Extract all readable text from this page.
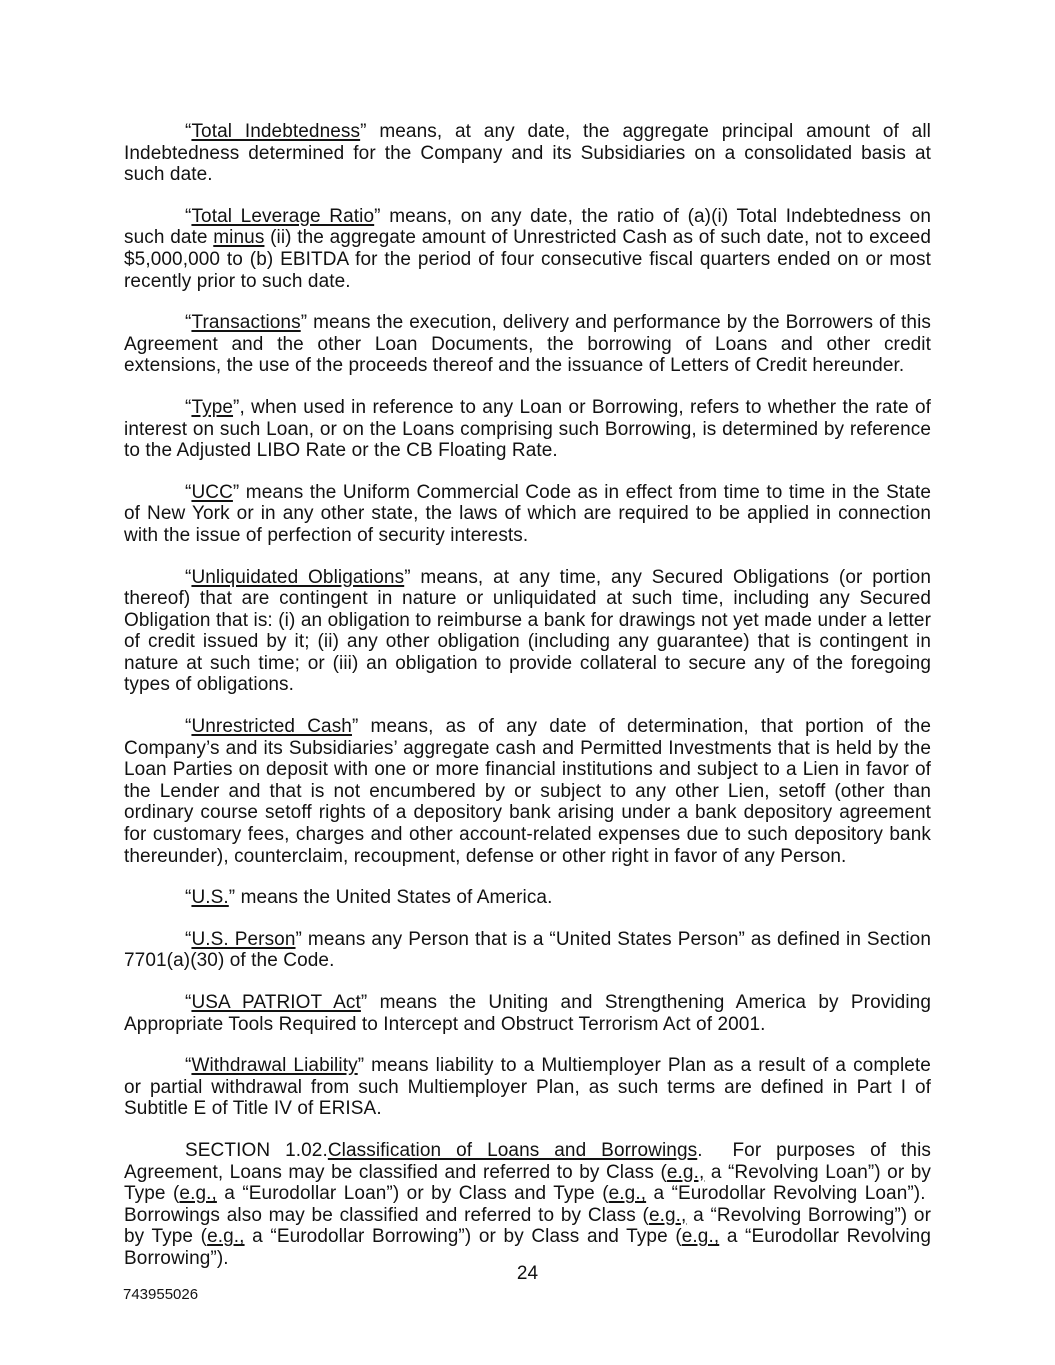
“Total Indebtedness” means, at any date, the aggregate principal amount of all Indebtedness determined for the Company and its Subsidiaries on a consolidated basis at such date.

“Total Leverage Ratio” means, on any date, the ratio of (a)(i) Total Indebtedness on such date minus (ii) the aggregate amount of Unrestricted Cash as of such date, not to exceed $5,000,000 to (b) EBITDA for the period of four consecutive fiscal quarters ended on or most recently prior to such date.

“Transactions” means the execution, delivery and performance by the Borrowers of this Agreement and the other Loan Documents, the borrowing of Loans and other credit extensions, the use of the proceeds thereof and the issuance of Letters of Credit hereunder.

“Type”, when used in reference to any Loan or Borrowing, refers to whether the rate of interest on such Loan, or on the Loans comprising such Borrowing, is determined by reference to the Adjusted LIBO Rate or the CB Floating Rate.

“UCC” means the Uniform Commercial Code as in effect from time to time in the State of New York or in any other state, the laws of which are required to be applied in connection with the issue of perfection of security interests.

“Unliquidated Obligations” means, at any time, any Secured Obligations (or portion thereof) that are contingent in nature or unliquidated at such time, including any Secured Obligation that is: (i) an obligation to reimburse a bank for drawings not yet made under a letter of credit issued by it; (ii) any other obligation (including any guarantee) that is contingent in nature at such time; or (iii) an obligation to provide collateral to secure any of the foregoing types of obligations.

“Unrestricted Cash” means, as of any date of determination, that portion of the Company’s and its Subsidiaries’ aggregate cash and Permitted Investments that is held by the Loan Parties on deposit with one or more financial institutions and subject to a Lien in favor of the Lender and that is not encumbered by or subject to any other Lien, setoff (other than ordinary course setoff rights of a depository bank arising under a bank depository agreement for customary fees, charges and other account-related expenses due to such depository bank thereunder), counterclaim, recoupment, defense or other right in favor of any Person.

“U.S.” means the United States of America.

“U.S. Person” means any Person that is a “United States Person” as defined in Section 7701(a)(30) of the Code.

“USA PATRIOT Act” means the Uniting and Strengthening America by Providing Appropriate Tools Required to Intercept and Obstruct Terrorism Act of 2001.

“Withdrawal Liability” means liability to a Multiemployer Plan as a result of a complete or partial withdrawal from such Multiemployer Plan, as such terms are defined in Part I of Subtitle E of Title IV of ERISA.

SECTION 1.02.Classification of Loans and Borrowings.  For purposes of this Agreement, Loans may be classified and referred to by Class (e.g., a “Revolving Loan”) or by Type (e.g., a “Eurodollar Loan”) or by Class and Type (e.g., a “Eurodollar Revolving Loan”).  Borrowings also may be classified and referred to by Class (e.g., a “Revolving Borrowing”) or by Type (e.g., a “Eurodollar Borrowing”) or by Class and Type (e.g., a “Eurodollar Revolving Borrowing”).

24
743955026
